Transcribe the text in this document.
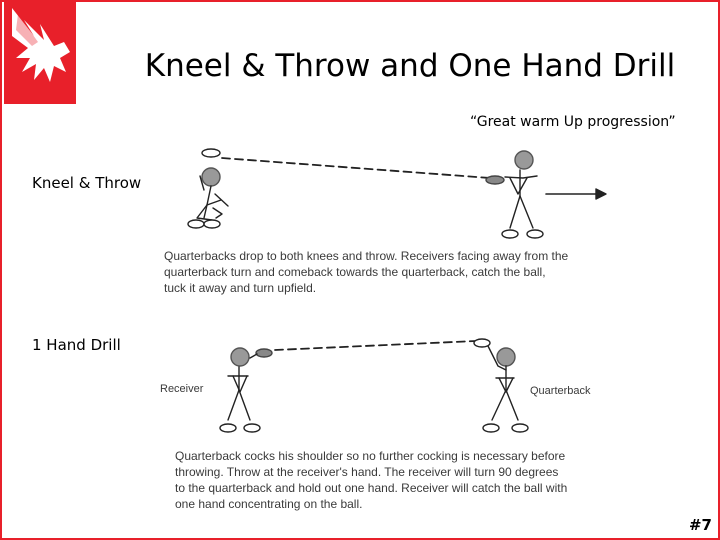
Kneel & Throw and One Hand Drill
“Great warm Up progression”
Kneel & Throw
1 Hand Drill
Quarterbacks drop to both knees and throw. Receivers facing away from the
quarterback turn and comeback towards the quarterback, catch the ball,
tuck it away and turn upfield.
Receiver	Quarterback
Quarterback cocks his shoulder so no further cocking is necessary before
throwing. Throw at the receiver's hand. The receiver will turn 90 degrees
to the quarterback and hold out one hand. Receiver will catch the ball with
one hand concentrating on the ball.
#7
